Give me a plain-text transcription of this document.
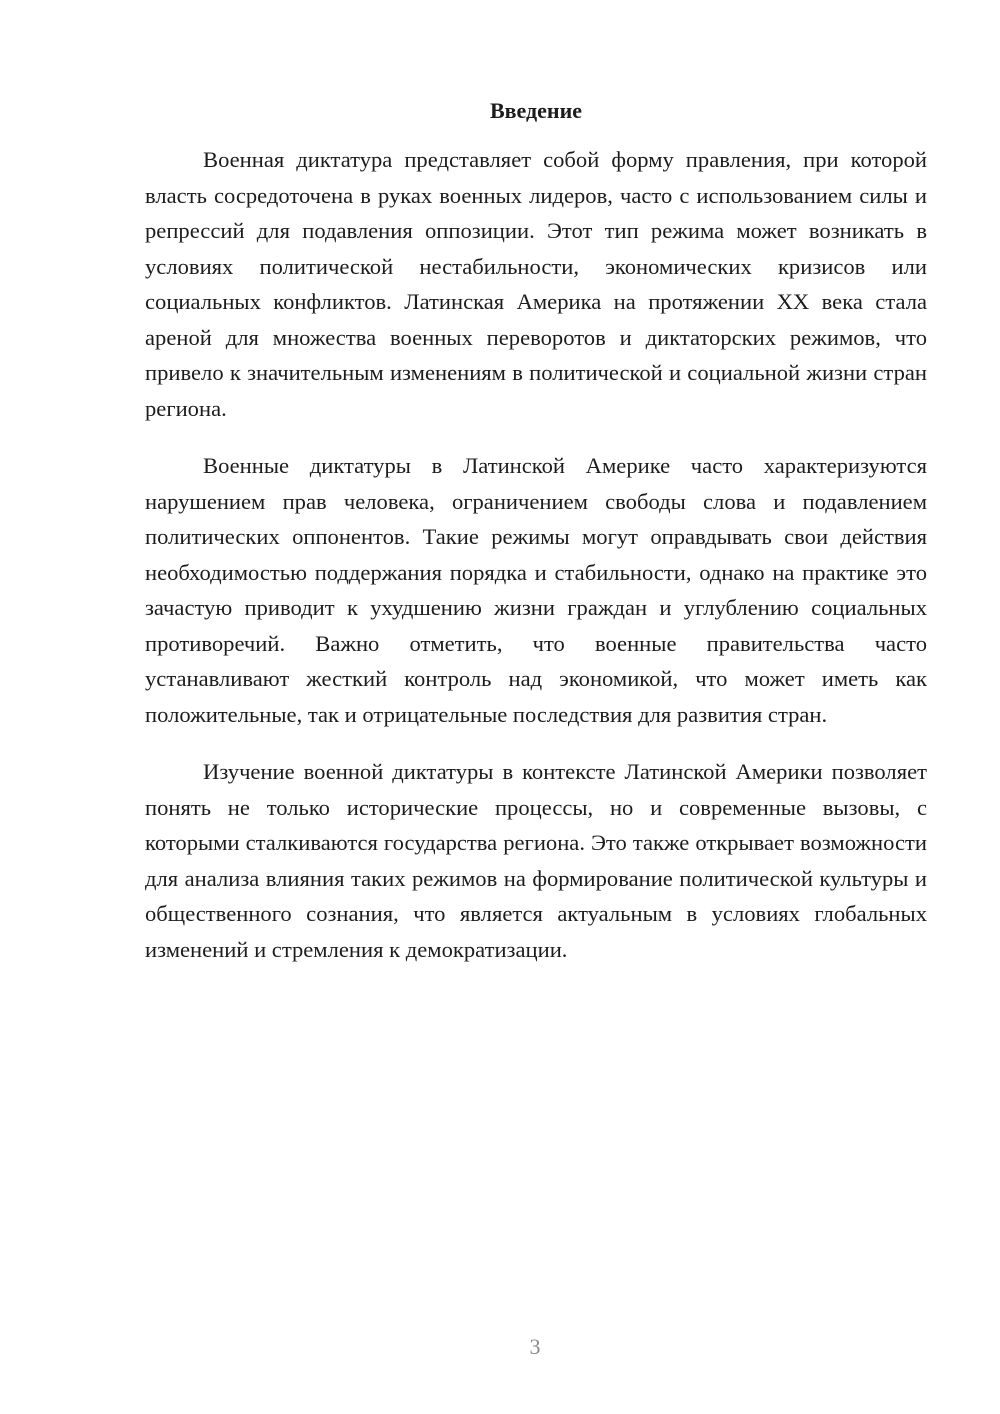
Введение

Военная диктатура представляет собой форму правления, при которой власть сосредоточена в руках военных лидеров, часто с использованием силы и репрессий для подавления оппозиции. Этот тип режима может возникать в условиях политической нестабильности, экономических кризисов или социальных конфликтов. Латинская Америка на протяжении XX века стала ареной для множества военных переворотов и диктаторских режимов, что привело к значительным изменениям в политической и социальной жизни стран региона.

Военные диктатуры в Латинской Америке часто характеризуются нарушением прав человека, ограничением свободы слова и подавлением политических оппонентов. Такие режимы могут оправдывать свои действия необходимостью поддержания порядка и стабильности, однако на практике это зачастую приводит к ухудшению жизни граждан и углублению социальных противоречий. Важно отметить, что военные правительства часто устанавливают жесткий контроль над экономикой, что может иметь как положительные, так и отрицательные последствия для развития стран.

Изучение военной диктатуры в контексте Латинской Америки позволяет понять не только исторические процессы, но и современные вызовы, с которыми сталкиваются государства региона. Это также открывает возможности для анализа влияния таких режимов на формирование политической культуры и общественного сознания, что является актуальным в условиях глобальных изменений и стремления к демократизации.

3
